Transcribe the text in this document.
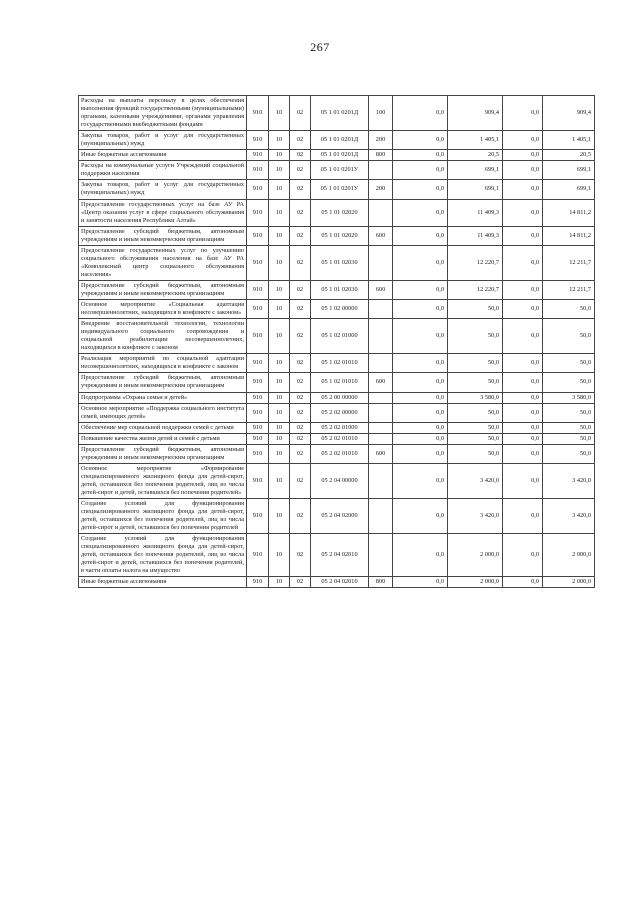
267
Расходы на выплаты персоналу в целях обеспечения выполнения функций государственными (муниципальными) органами, казенными учреждениями, органами управления государственными внебюджетными фондами	910	10	02	05 1 01 0201Д	100	0,0	909,4	0,0	909,4
Закупка товаров, работ и услуг для государственных (муниципальных) нужд	910	10	02	05 1 01 0201Д	200	0,0	1 405,1	0,0	1 405,1
Иные бюджетные ассигнования	910	10	02	05 1 01 0201Д	800	0,0	20,5	0,0	20,5
Расходы на коммунальные услуги Учреждений социальной поддержки населения	910	10	02	05 1 01 0201У		0,0	699,1	0,0	699,1
Закупка товаров, работ и услуг для государственных (муниципальных) нужд	910	10	02	05 1 01 0201У	200	0,0	699,1	0,0	699,1
Предоставление государственных услуг на базе АУ РА «Центр оказания услуг в сфере социального обслуживания и занятости населения Республики Алтай»	910	10	02	05 1 01 02020		0,0	11 409,3	0,0	14 811,2
Предоставление субсидий бюджетным, автономным учреждениям и иным некоммерческим организациям	910	10	02	05 1 01 02020	600	0,0	11 409,3	0,0	14 811,2
Предоставление государственных услуг по улучшению социального обслуживания населения на базе АУ РА «Комплексный центр социального обслуживания населения»	910	10	02	05 1 01 02030		0,0	12 220,7	0,0	12 211,7
Предоставление субсидий бюджетным, автономным учреждениям и иным некоммерческим организациям	910	10	02	05 1 01 02030	600	0,0	12 220,7	0,0	12 211,7
Основное мероприятие «Социальная адаптация несовершеннолетних, находящихся в конфликте с законом»	910	10	02	05 1 02 00000		0,0	50,0	0,0	50,0
Внедрение восстановительной технологии, технологии индивидуального социального сопровождения и социальной реабилитации несовершеннолетних, находящихся в конфликте с законом	910	10	02	05 1 02 01000		0,0	50,0	0,0	50,0
Реализация мероприятий по социальной адаптации несовершеннолетних, находящихся в конфликте с законом	910	10	02	05 1 02 01010		0,0	50,0	0,0	50,0
Предоставление субсидий бюджетным, автономным учреждениям и иным некоммерческим организациям	910	10	02	05 1 02 01010	600	0,0	50,0	0,0	50,0
Подпрограмма «Охрана семьи и детей»	910	10	02	05 2 00 00000		0,0	3 580,0	0,0	3 580,0
Основное мероприятие «Поддержка социального института семей, имеющих детей»	910	10	02	05 2 02 00000		0,0	50,0	0,0	50,0
Обеспечение мер социальной поддержки семей с детьми	910	10	02	05 2 02 01000		0,0	50,0	0,0	50,0
Повышение качества жизни детей и семей с детьми	910	10	02	05 2 02 01010		0,0	50,0	0,0	50,0
Предоставление субсидий бюджетным, автономным учреждениям и иным некоммерческим организациям	910	10	02	05 2 02 01010	600	0,0	50,0	0,0	50,0
Основное мероприятие «Формирование специализированного жилищного фонда для детей-сирот, детей, оставшихся без попечения родителей, лиц из числа детей-сирот и детей, оставшихся без попечения родителей»	910	10	02	05 2 04 00000		0,0	3 420,0	0,0	3 420,0
Создание условий для функционирования специализированного жилищного фонда для детей-сирот, детей, оставшихся без попечения родителей, лиц из числа детей-сирот и детей, оставшихся без попечения родителей	910	10	02	05 2 04 02000		0,0	3 420,0	0,0	3 420,0
Создание условий для функционирования специализированного жилищного фонда для детей-сирот, детей, оставшихся без попечения родителей, лиц из числа детей-сирот и детей, оставшихся без попечения родителей, в части оплаты налога на имущество	910	10	02	05 2 04 02010		0,0	2 000,0	0,0	2 000,0
Иные бюджетные ассигнования	910	10	02	05 2 04 02010	800	0,0	2 000,0	0,0	2 000,0
